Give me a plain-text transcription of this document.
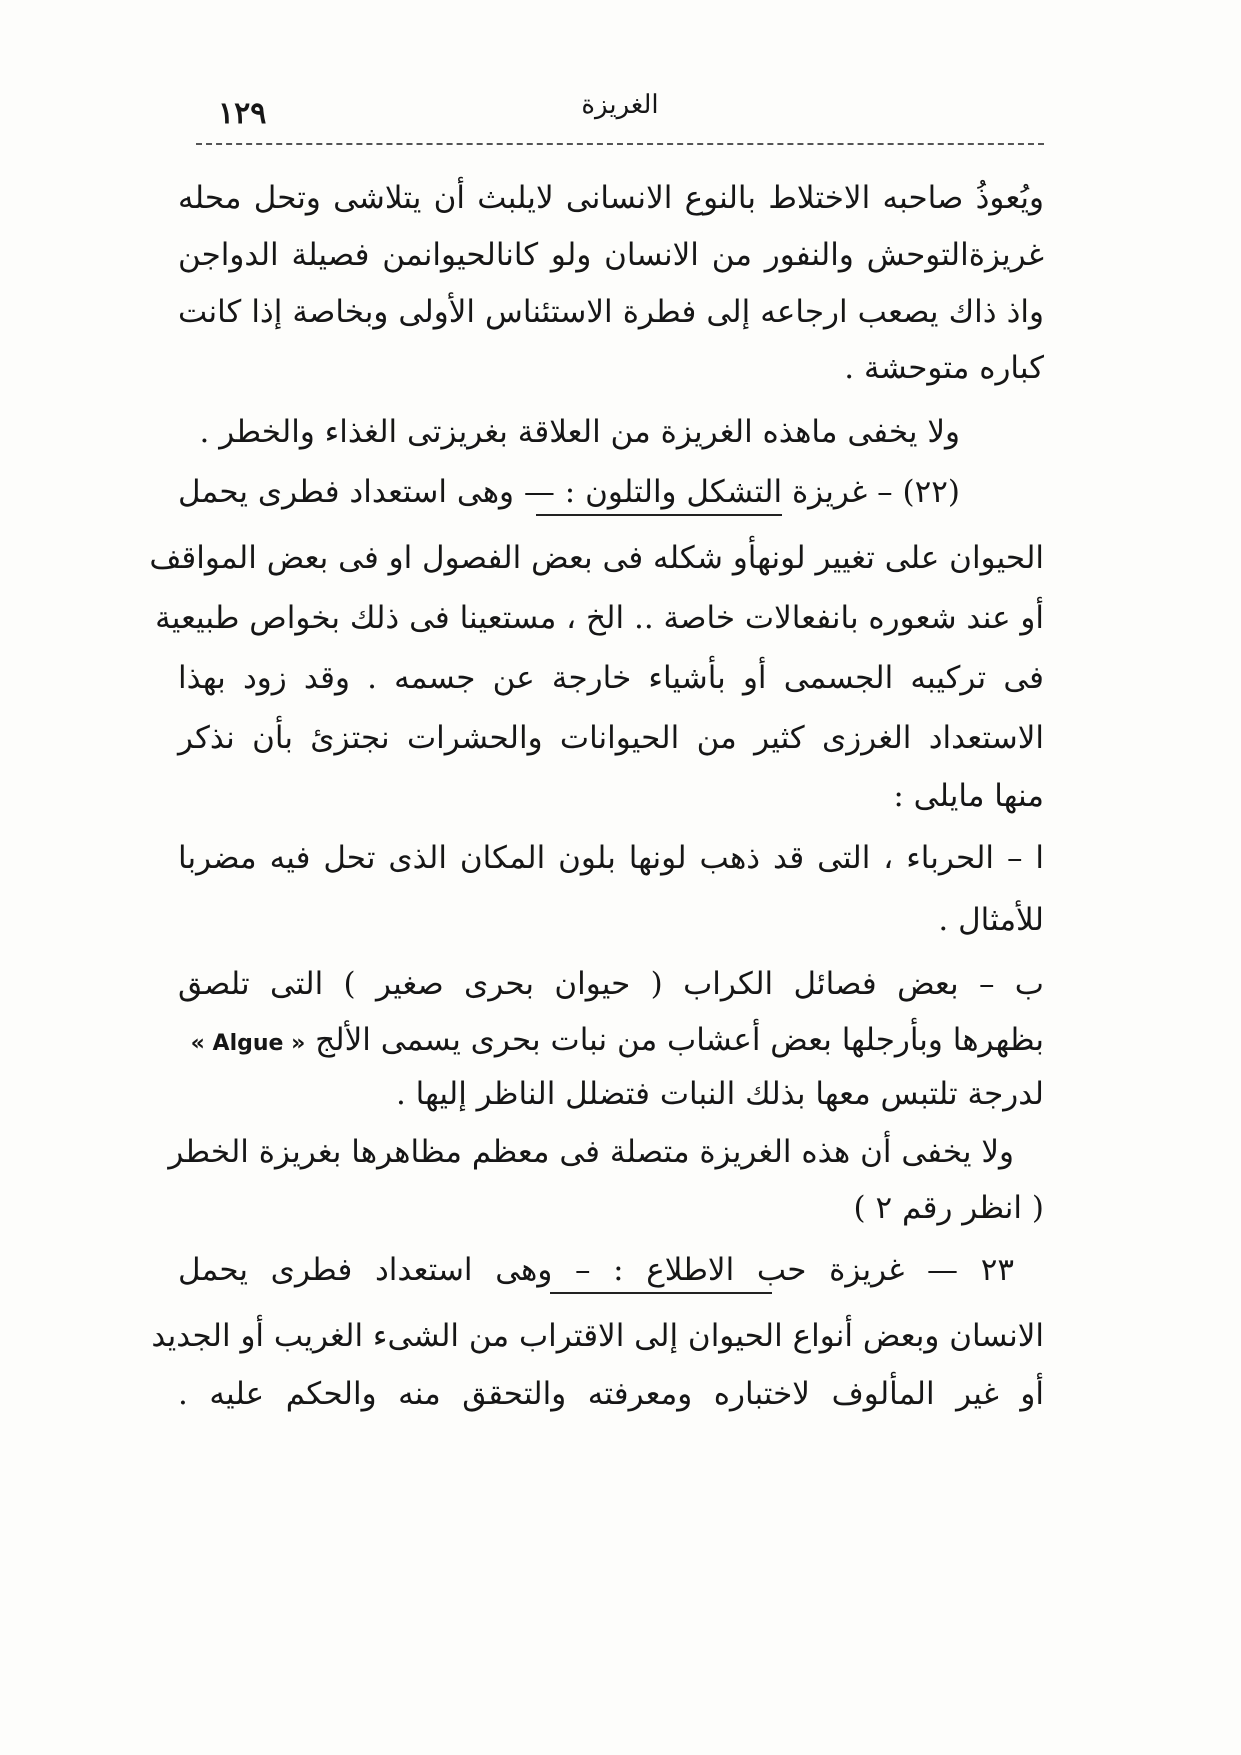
١٢٩	الغريزة
ويُعوذُ صاحبه الاختلاط بالنوع الانسانى لايلبث أن يتلاشى وتحل محله
غريزةالتوحش والنفور من الانسان ولو كانالحيوانمن فصيلة الدواجن
واذ ذاك يصعب ارجاعه إلى فطرة الاستئناس الأولى وبخاصة إذا كانت
كباره متوحشة .
ولا يخفى ماهذه الغريزة من العلاقة بغريزتى الغذاء والخطر .
(٢٢) – غريزة التشكل والتلون : — وهى استعداد فطرى يحمل
الحيوان على تغيير لونهأو شكله فى بعض الفصول او فى بعض المواقف
أو عند شعوره بانفعالات خاصة .. الخ ، مستعينا فى ذلك بخواص طبيعية
فى تركيبه الجسمى أو بأشياء خارجة عن جسمه . وقد زود بهذا
الاستعداد الغرزى كثير من الحيوانات والحشرات نجتزئ بأن نذكر
منها مايلى :
ا – الحرباء ، التى قد ذهب لونها بلون المكان الذى تحل فيه مضربا
للأمثال .
ب – بعض فصائل الكراب ( حيوان بحرى صغير ) التى تلصق
بظهرها وبأرجلها بعض أعشاب من نبات بحرى يسمى الألج « Algue »
لدرجة تلتبس معها بذلك النبات فتضلل الناظر إليها .
ولا يخفى أن هذه الغريزة متصلة فى معظم مظاهرها بغريزة الخطر
( انظر رقم ٢ )
٢٣ — غريزة حب الاطلاع : – وهى استعداد فطرى يحمل
الانسان وبعض أنواع الحيوان إلى الاقتراب من الشىء الغريب أو الجديد
أو غير المألوف لاختباره ومعرفته والتحقق منه والحكم عليه .
